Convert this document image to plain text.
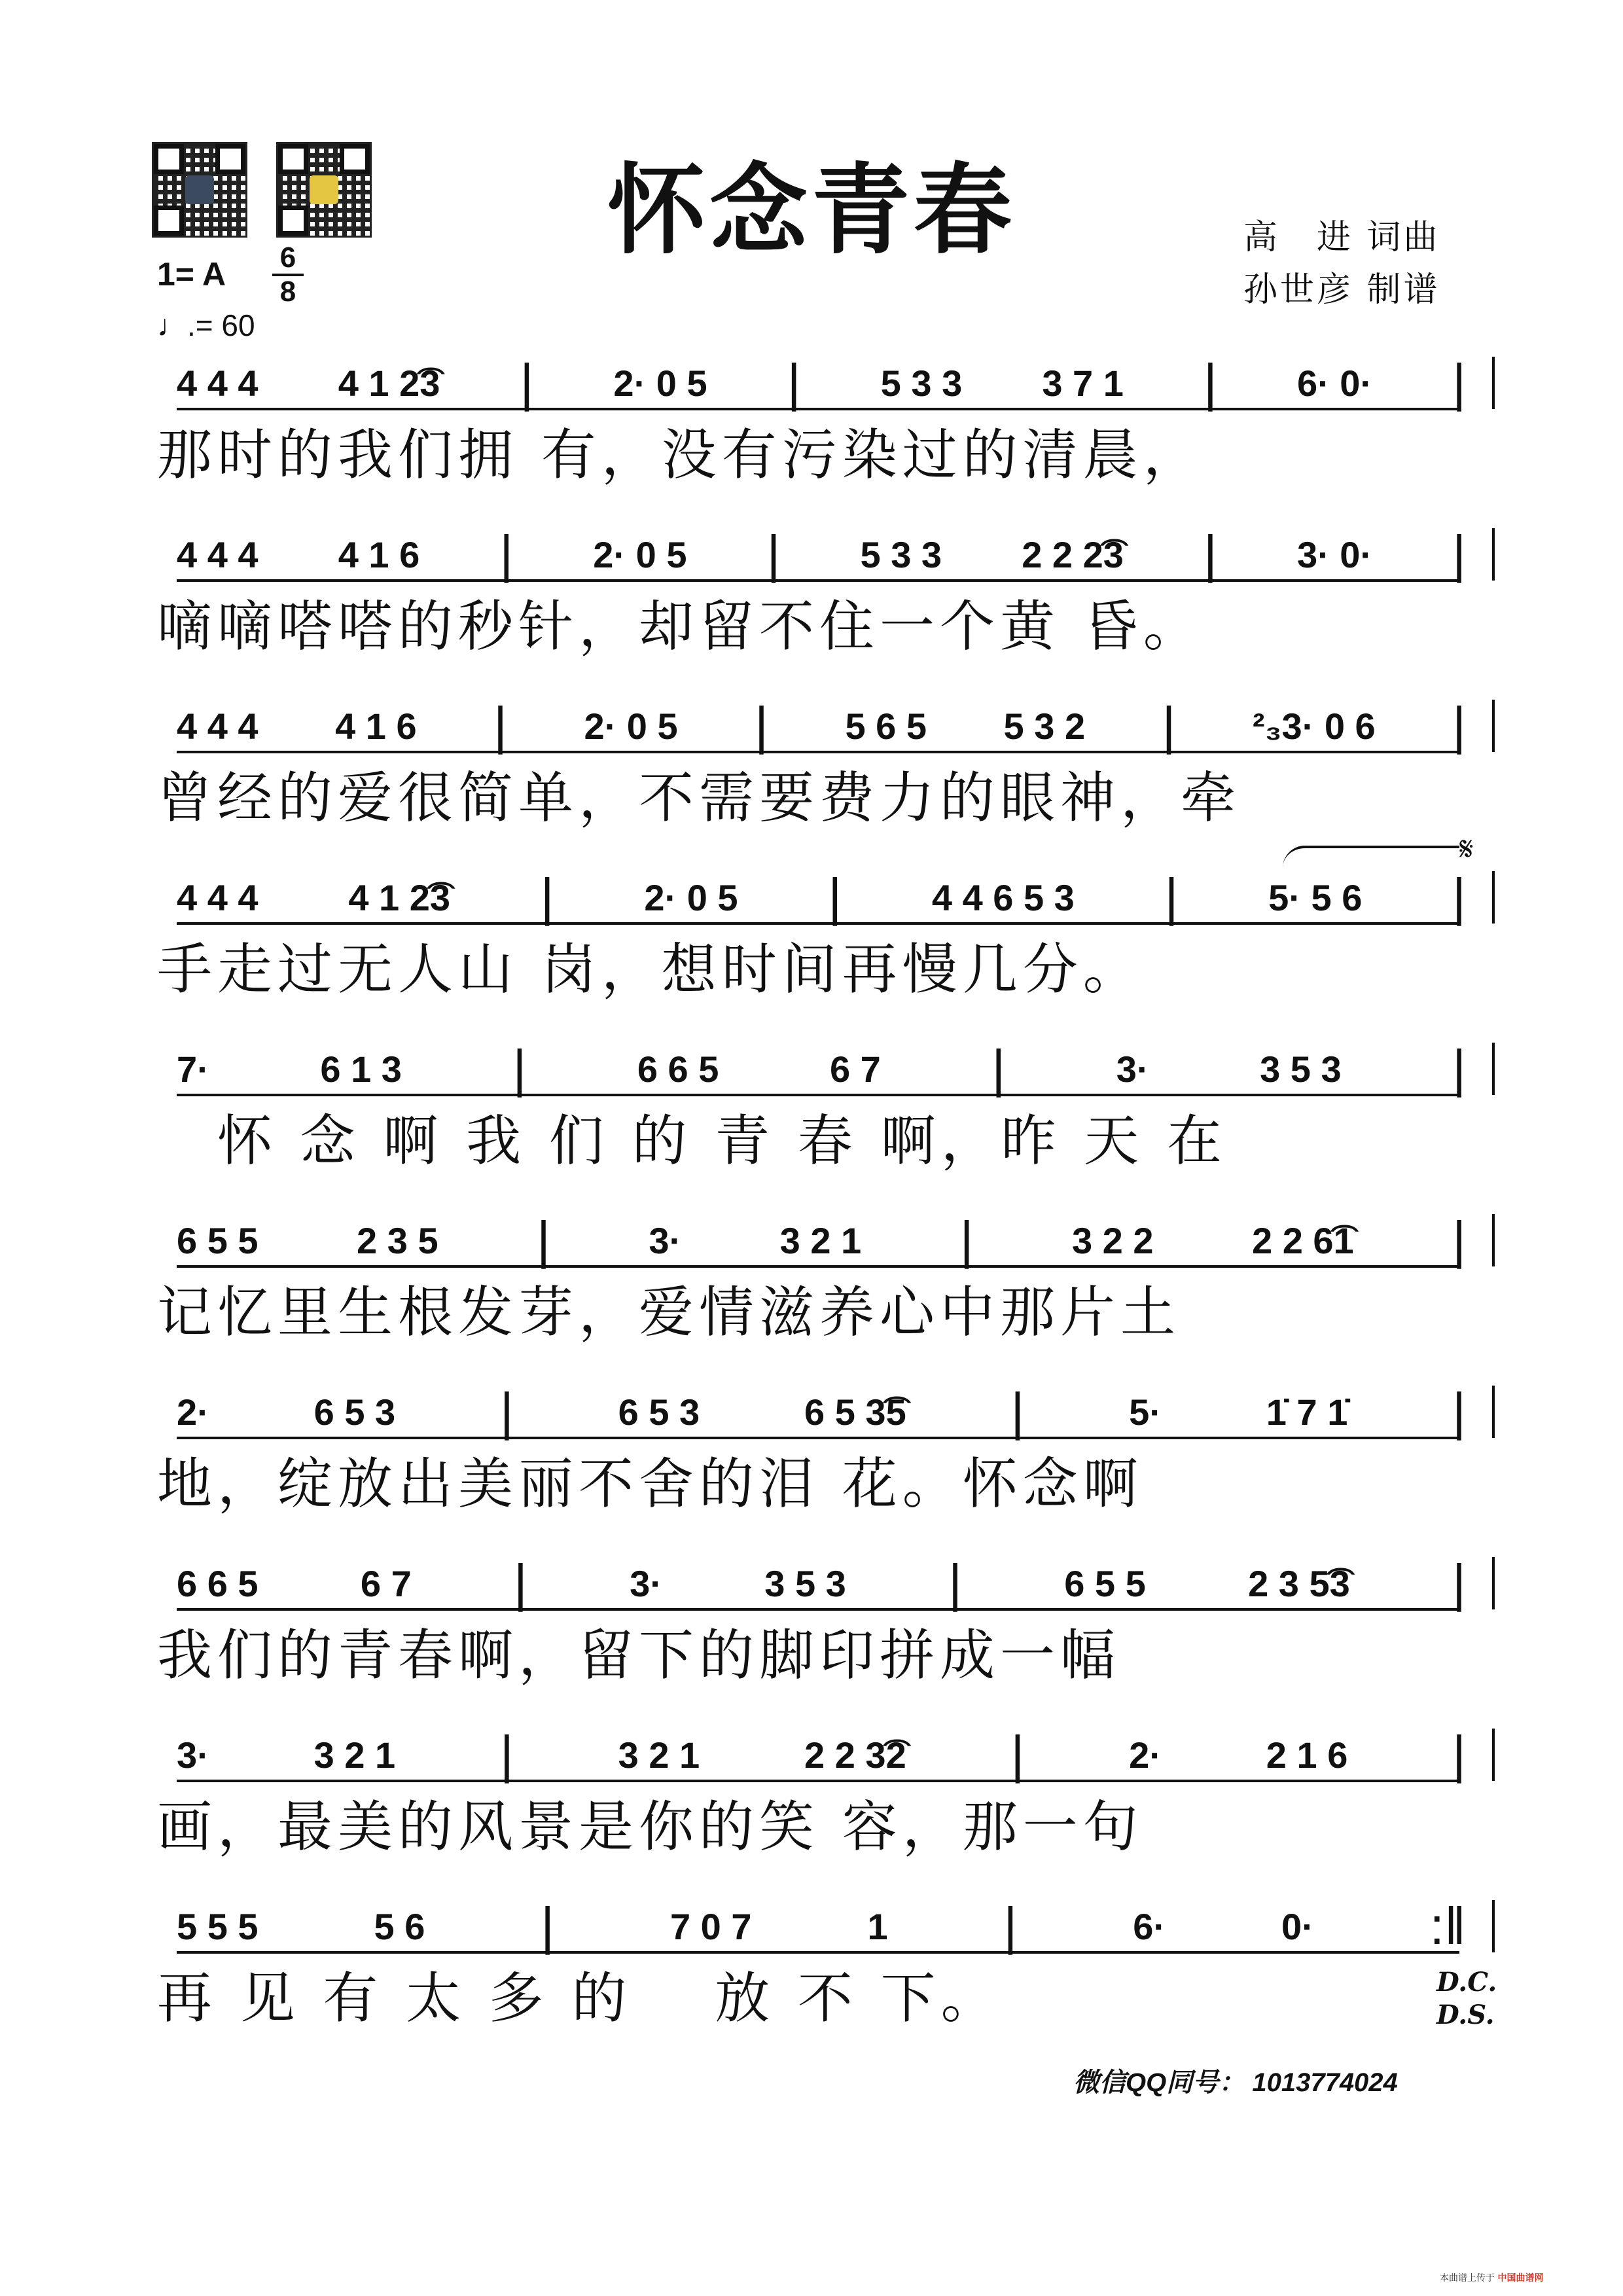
怀念青春	高　进 词曲
孙世彦 制谱
1= A	6
8
♩.= 60
4 4 4 4 1 2͡3 | 2· 0 5 | 5 3 3 3 7 1 | 6· 0· |
那时的我们拥 有，没有污染过的清晨，
4 4 4 4 1 6 | 2· 0 5 | 5 3 3 2 2 2͡3 | 3· 0· |
嘀嘀嗒嗒的秒针，却留不住一个黄 昏。
4 4 4 4 1 6 | 2· 0 5 | 5 6 5 5 3 2 | ²₃3· 0 6 |
曾经的爱很简单，不需要费力的眼神，牵
4 4 4 4 1 2͡3 | 2· 0 5 | 4 4 6 5 3 | 5· 5 6 |
手走过无人山 岗，想时间再慢几分。
7·	6 1 3 |	6 6 5	6 7 |	3·	3 5 3 |
　怀 念 啊 我 们 的 青 春 啊，昨 天 在
6 5 5	2 3 5 |	3·	3 2 1 |	3 2 2	2 2 6͡1 |
记忆里生根发芽，爱情滋养心中那片土
2·	6 5 3 |	6 5 3	6 5 3͡5 |	5·	1̇ 7 1̇ |
地，绽放出美丽不舍的泪 花。怀念啊
6 6 5	6 7 |	3·	3 5 3 |	6 5 5	2 3 5͡3 |
我们的青春啊，留下的脚印拼成一幅
3·	3 2 1 |	3 2 1	2 2 3͡2 |	2·	2 1 6 |
画，最美的风景是你的笑 容，那一句
5 5 5	5 6 |	7 0 7	1 |	6·	0· :‖
再 见 有 太 多 的 　放 不 下。
𝄋
D.C.
D.S.
微信QQ同号： 1013774024
本曲谱上传于 中国曲谱网
